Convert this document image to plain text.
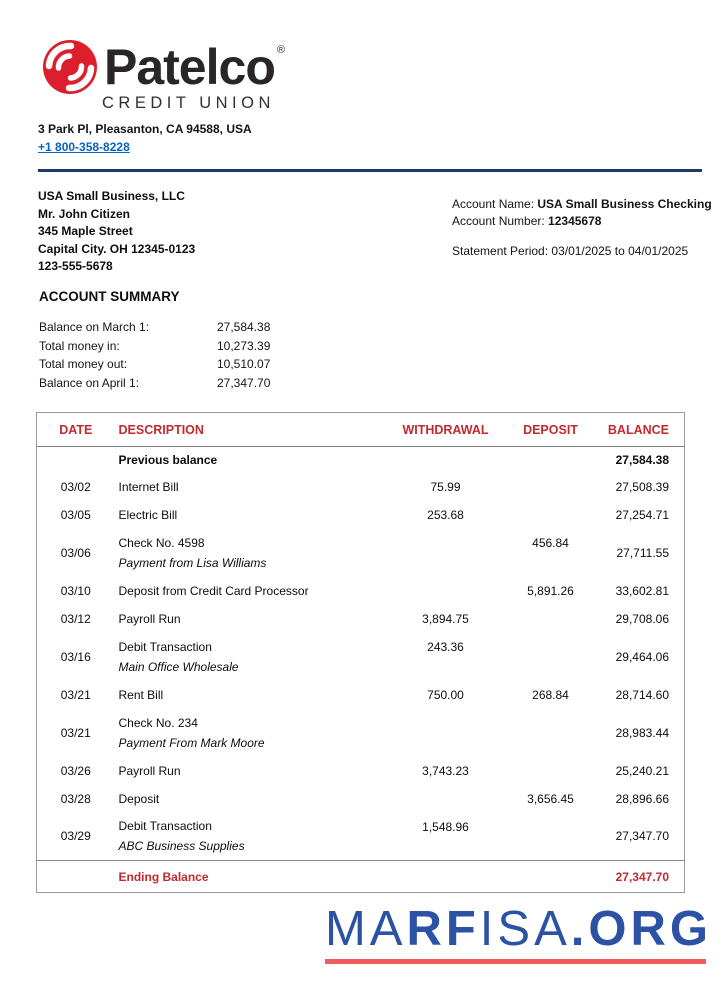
Patelco ®
CREDIT UNION
3 Park Pl, Pleasanton, CA 94588, USA
+1 800-358-8228
USA Small Business, LLC
Mr. John Citizen
345 Maple Street
Capital City. OH 12345-0123
123-555-5678
Account Name: USA Small Business Checking
Account Number: 12345678
Statement Period: 03/01/2025 to 04/01/2025
ACCOUNT SUMMARY
Balance on March 1:	27,584.38
Total money in:	10,273.39
Total money out:	10,510.07
Balance on April 1:	27,347.70
DATE	DESCRIPTION	WITHDRAWAL	DEPOSIT	BALANCE
	Previous balance			27,584.38
03/02	Internet Bill	75.99		27,508.39
03/05	Electric Bill	253.68		27,254.71
03/06	Check No. 4598
Payment from Lisa Williams		456.84	27,711.55
03/10	Deposit from Credit Card Processor		5,891.26	33,602.81
03/12	Payroll Run	3,894.75		29,708.06
03/16	Debit Transaction
Main Office Wholesale	243.36		29,464.06
03/21	Rent Bill	750.00	268.84	28,714.60
03/21	Check No. 234
Payment From Mark Moore			28,983.44
03/26	Payroll Run	3,743.23		25,240.21
03/28	Deposit		3,656.45	28,896.66
03/29	Debit Transaction
ABC Business Supplies	1,548.96		27,347.70
	Ending Balance			27,347.70
MARFISA.ORG
